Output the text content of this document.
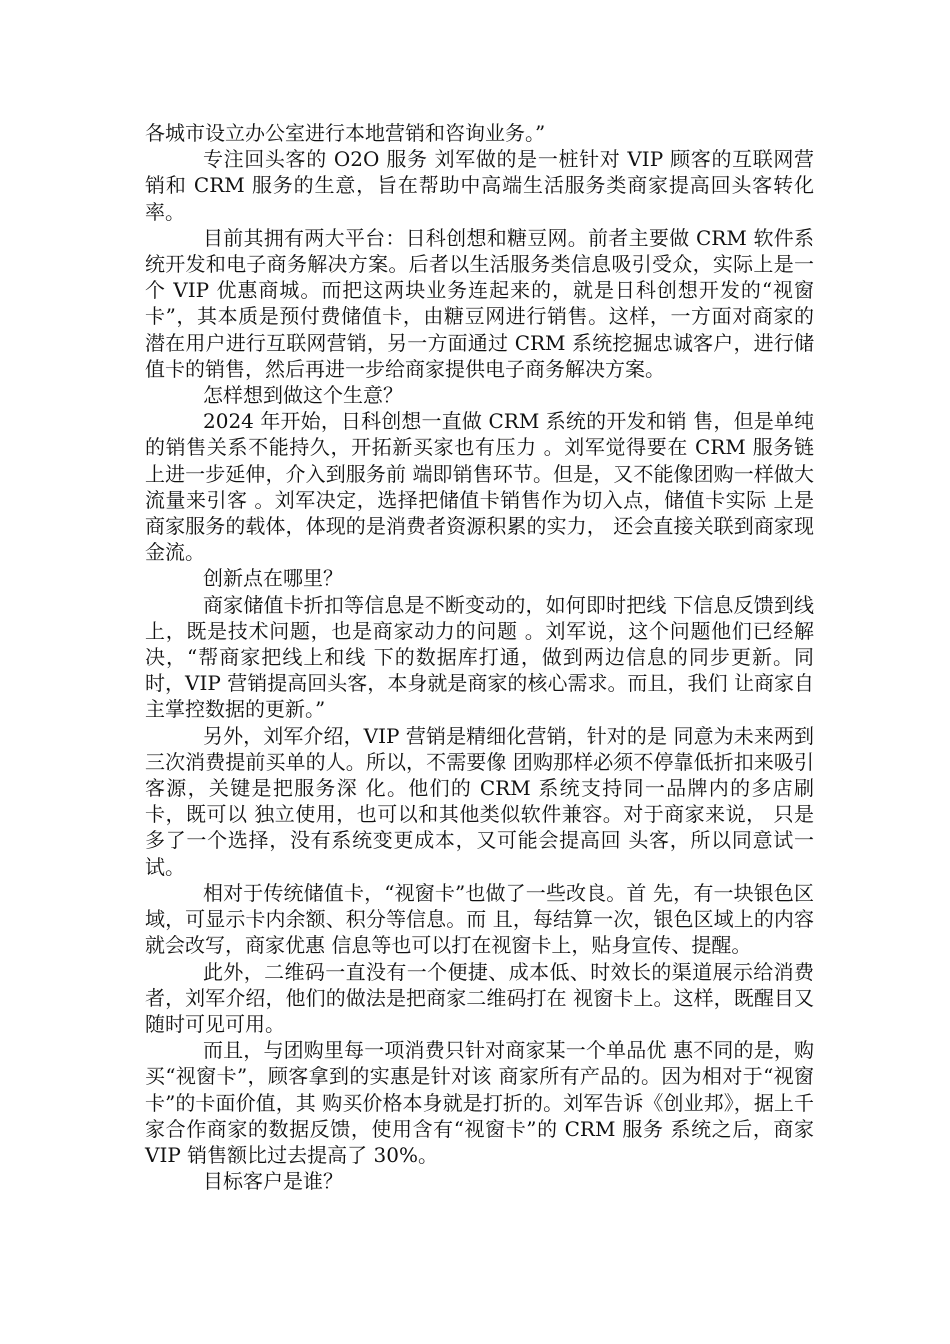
各城市设立办公室进行本地营销和咨询业务。”

专注回头客的 O2O 服务 刘军做的是一桩针对 VIP 顾客的互联网营销和 CRM 服务的生意，旨在帮助中高端生活服务类商家提高回头客转化率。

目前其拥有两大平台：日科创想和糖豆网。前者主要做 CRM 软件系统开发和电子商务解决方案。后者以生活服务类信息吸引受众，实际上是一个 VIP 优惠商城。而把这两块业务连起来的，就是日科创想开发的“视窗卡”，其本质是预付费储值卡，由糖豆网进行销售。这样，一方面对商家的潜在用户进行互联网营销，另一方面通过 CRM 系统挖掘忠诚客户，进行储值卡的销售，然后再进一步给商家提供电子商务解决方案。

怎样想到做这个生意？

2024 年开始，日科创想一直做 CRM 系统的开发和销 售，但是单纯的销售关系不能持久，开拓新买家也有压力 。刘军觉得要在 CRM 服务链上进一步延伸，介入到服务前 端即销售环节。但是，又不能像团购一样做大流量来引客 。刘军决定，选择把储值卡销售作为切入点，储值卡实际 上是商家服务的载体，体现的是消费者资源积累的实力， 还会直接关联到商家现金流。

创新点在哪里？

商家储值卡折扣等信息是不断变动的，如何即时把线 下信息反馈到线上，既是技术问题，也是商家动力的问题 。刘军说，这个问题他们已经解决，“帮商家把线上和线 下的数据库打通，做到两边信息的同步更新。同时，VIP 营销提高回头客，本身就是商家的核心需求。而且，我们 让商家自主掌控数据的更新。”

另外，刘军介绍，VIP 营销是精细化营销，针对的是 同意为未来两到三次消费提前买单的人。所以，不需要像 团购那样必须不停靠低折扣来吸引客源，关键是把服务深 化。他们的 CRM 系统支持同一品牌内的多店刷卡，既可以 独立使用，也可以和其他类似软件兼容。对于商家来说， 只是多了一个选择，没有系统变更成本，又可能会提高回 头客，所以同意试一试。

相对于传统储值卡，“视窗卡”也做了一些改良。首 先，有一块银色区域，可显示卡内余额、积分等信息。而 且，每结算一次，银色区域上的内容就会改写，商家优惠 信息等也可以打在视窗卡上，贴身宣传、提醒。

此外，二维码一直没有一个便捷、成本低、时效长的渠道展示给消费者，刘军介绍，他们的做法是把商家二维码打在 视窗卡上。这样，既醒目又随时可见可用。

而且，与团购里每一项消费只针对商家某一个单品优 惠不同的是，购买“视窗卡”，顾客拿到的实惠是针对该 商家所有产品的。因为相对于“视窗卡”的卡面价值，其 购买价格本身就是打折的。刘军告诉《创业邦》，据上千 家合作商家的数据反馈，使用含有“视窗卡”的 CRM 服务 系统之后，商家 VIP 销售额比过去提高了 30%。

目标客户是谁？
